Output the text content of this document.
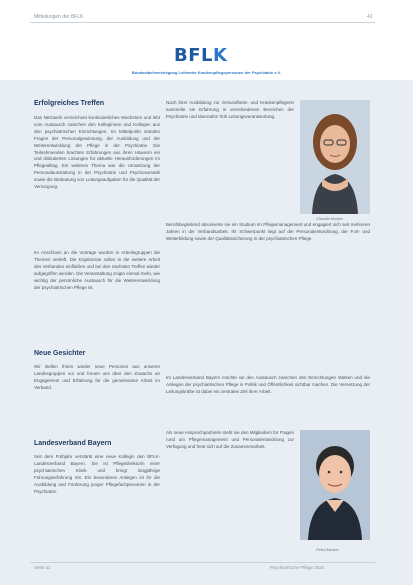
Mitteilungen der BFLK	41
BFLK
Bundesfachvereinigung Leitender Krankenpflegepersonen der Psychiatrie e.V.
Erfolgreiches Treffen
Das Netzwerk verzeichnet kontinuierliches Wachstum und lebt vom Austausch zwischen den Kolleginnen und Kollegen aus den psychiatrischen Einrichtungen. Im Mittelpunkt standen Fragen der Personalgewinnung, der Ausbildung und der Weiterentwicklung der Pflege in der Psychiatrie. Die Teilnehmenden brachten Erfahrungen aus ihren Häusern ein und diskutierten Lösungen für aktuelle Herausforderungen im Pflegealltag. Ein weiteres Thema war die Umsetzung der Personalausstattung in der Psychiatrie und Psychosomatik sowie die Bedeutung von Leitungsaufgaben für die Qualität der Versorgung.
Im Anschluss an die Vorträge wurden in Arbeitsgruppen die Themen vertieft. Die Ergebnisse sollen in die weitere Arbeit des Verbandes einfließen und bei den nächsten Treffen wieder aufgegriffen werden. Die Veranstaltung zeigte einmal mehr, wie wichtig der persönliche Austausch für die Weiterentwicklung der psychiatrischen Pflege ist.
Neue Gesichter
Wir stellen Ihnen wieder neue Personen aus unseren Landesgruppen vor und freuen uns über den Zuwachs an Engagement und Erfahrung für die gemeinsame Arbeit im Verband.
Landesverband Bayern
Seit dem Frühjahr verstärkt eine neue Kollegin den BFLK-Landesverband Bayern. Sie ist Pflegedirektorin einer psychiatrischen Klinik und bringt langjährige Führungserfahrung mit. Ein besonderes Anliegen ist ihr die Ausbildung und Förderung junger Pflegefachpersonen in der Psychiatrie.
Nach ihrer Ausbildung zur Gesundheits- und Krankenpflegerin sammelte sie Erfahrung in verschiedenen Bereichen der Psychiatrie und übernahm früh Leitungsverantwortung.
Claudia Muster
Berufsbegleitend absolvierte sie ein Studium im Pflegemanagement und engagiert sich seit mehreren Jahren in der Verbandsarbeit. Ihr Schwerpunkt liegt auf der Personalentwicklung, der Fort- und Weiterbildung sowie der Qualitätssicherung in der psychiatrischen Pflege.
Im Landesverband Bayern möchte sie den Austausch zwischen den Einrichtungen stärken und die Anliegen der psychiatrischen Pflege in Politik und Öffentlichkeit sichtbar machen. Die Vernetzung der Leitungskräfte ist dabei ein zentrales Ziel ihrer Arbeit.
Als neue Ansprechpartnerin steht sie den Mitgliedern für Fragen rund um Pflegemanagement und Personalentwicklung zur Verfügung und freut sich auf die Zusammenarbeit.
Petra Muster
Seite 41	Psychiatrische Pflege 2024
